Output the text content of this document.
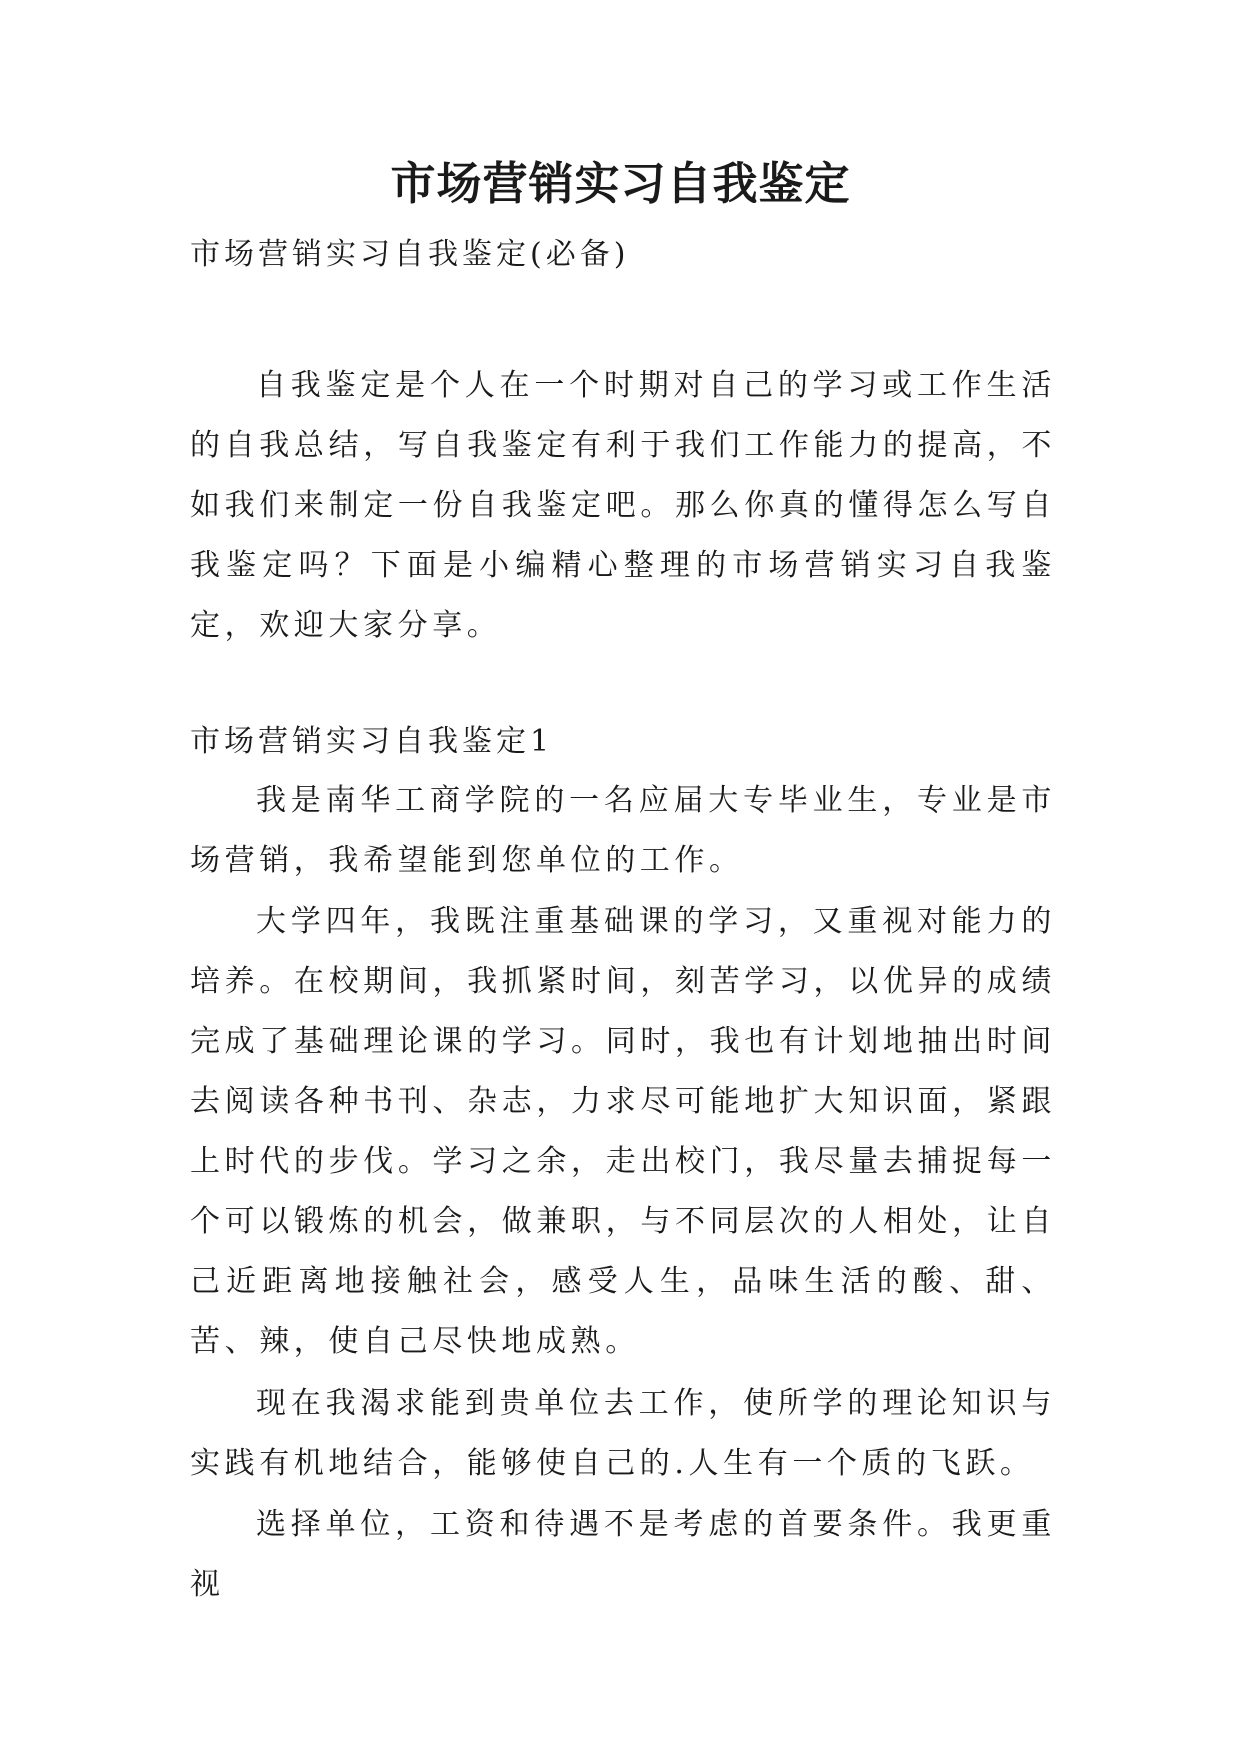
市场营销实习自我鉴定

市场营销实习自我鉴定(必备)

自我鉴定是个人在一个时期对自己的学习或工作生活的自我总结，写自我鉴定有利于我们工作能力的提高，不如我们来制定一份自我鉴定吧。那么你真的懂得怎么写自我鉴定吗？下面是小编精心整理的市场营销实习自我鉴定，欢迎大家分享。

市场营销实习自我鉴定1

我是南华工商学院的一名应届大专毕业生，专业是市场营销，我希望能到您单位的工作。

大学四年，我既注重基础课的学习，又重视对能力的培养。在校期间，我抓紧时间，刻苦学习，以优异的成绩完成了基础理论课的学习。同时，我也有计划地抽出时间去阅读各种书刊、杂志，力求尽可能地扩大知识面，紧跟上时代的步伐。学习之余，走出校门，我尽量去捕捉每一个可以锻炼的机会，做兼职，与不同层次的人相处，让自己近距离地接触社会，感受人生，品味生活的酸、甜、苦、辣，使自己尽快地成熟。

现在我渴求能到贵单位去工作，使所学的理论知识与实践有机地结合，能够使自己的.人生有一个质的飞跃。

选择单位，工资和待遇不是考虑的首要条件。我更重视
